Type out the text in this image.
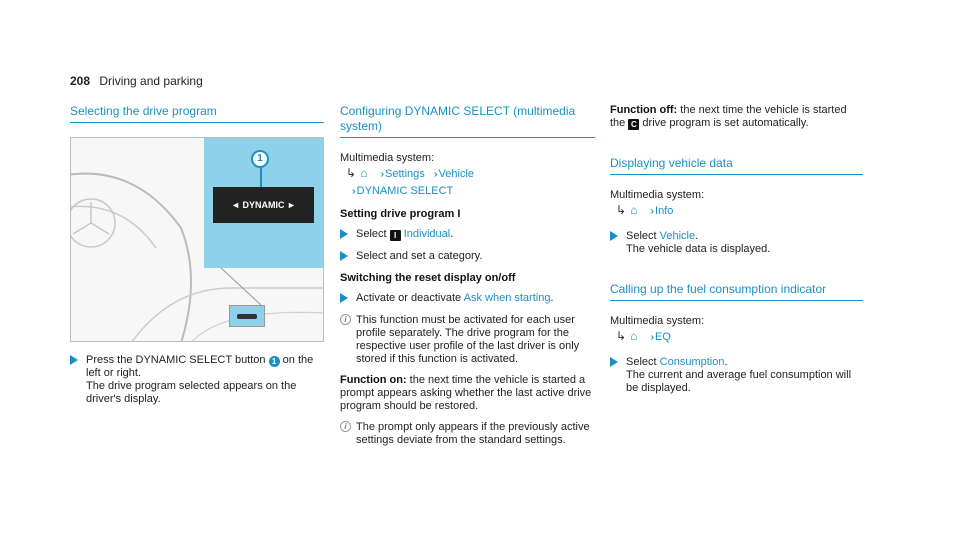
208 Driving and parking
Selecting the drive program
◄ DYNAMIC ►
1
Press the DYNAMIC SELECT button 1 on the left or right.
The drive program selected appears on the driver's display.
Configuring DYNAMIC SELECT (multimedia system)
Multimedia system:
↳ ⌂ ›› Settings ›› Vehicle
›› DYNAMIC SELECT
Setting drive program I
Select I Individual.
Select and set a category.
Switching the reset display on/off
Activate or deactivate Ask when starting.
i This function must be activated for each user profile separately. The drive program for the respective user profile of the last driver is only stored if this function is activated.
Function on: the next time the vehicle is started a prompt appears asking whether the last active drive program should be restored.
i The prompt only appears if the previously active settings deviate from the standard settings.
Function off: the next time the vehicle is started the C drive program is set automatically.
Displaying vehicle data
Multimedia system:
↳ ⌂ ›› Info
Select Vehicle.
The vehicle data is displayed.
Calling up the fuel consumption indicator
Multimedia system:
↳ ⌂ ›› EQ
Select Consumption.
The current and average fuel consumption will be displayed.
